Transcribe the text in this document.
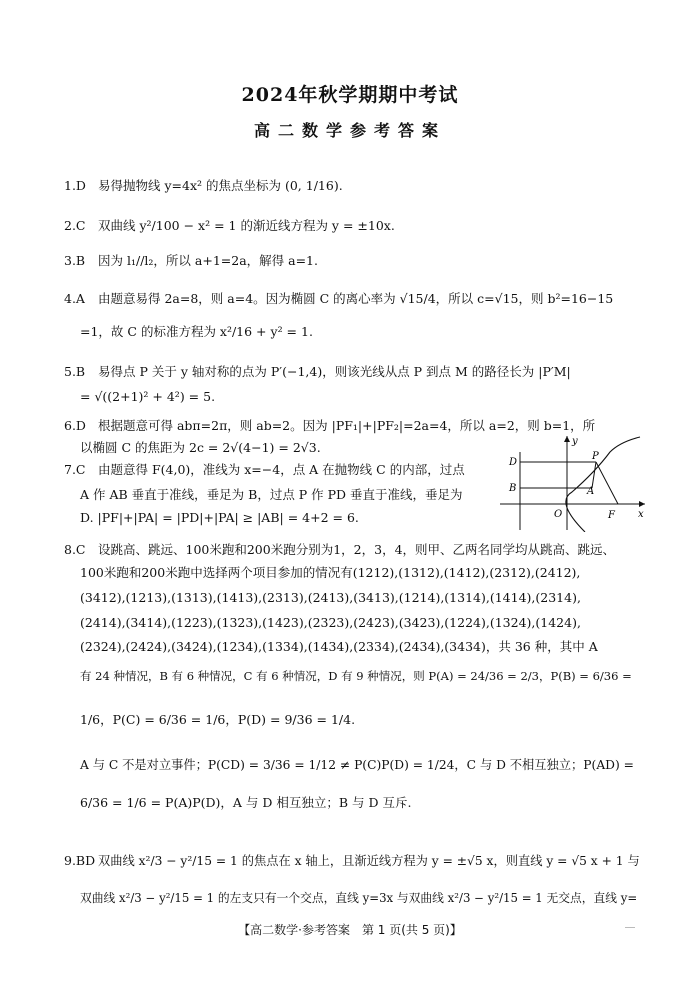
2024年秋学期期中考试
高二数学参考答案
1.D 易得抛物线 y=4x² 的焦点坐标为 (0, 1/16).
2.C 双曲线 y²/100 − x² = 1 的渐近线方程为 y = ±10x.
3.B 因为 l₁//l₂，所以 a+1=2a，解得 a=1.
4.A 由题意易得 2a=8，则 a=4。因为椭圆 C 的离心率为 √15/4，所以 c=√15，则 b²=16−15
=1，故 C 的标准方程为 x²/16 + y² = 1.
5.B 易得点 P 关于 y 轴对称的点为 P′(−1,4)，则该光线从点 P 到点 M 的路径长为 |P′M|
= √((2+1)² + 4²) = 5.
6.D 根据题意可得 abπ=2π，则 ab=2。因为 |PF₁|+|PF₂|=2a=4，所以 a=2，则 b=1，所
以椭圆 C 的焦距为 2c = 2√(4−1) = 2√3.
7.C 由题意得 F(4,0)，准线为 x=−4，点 A 在抛物线 C 的内部，过点
A 作 AB 垂直于准线，垂足为 B，过点 P 作 PD 垂直于准线，垂足为
D. |PF|+|PA| = |PD|+|PA| ≥ |AB| = 4+2 = 6.
8.C 设跳高、跳远、100米跑和200米跑分别为1，2，3，4，则甲、乙两名同学均从跳高、跳远、
100米跑和200米跑中选择两个项目参加的情况有(1212),(1312),(1412),(2312),(2412),
(3412),(1213),(1313),(1413),(2313),(2413),(3413),(1214),(1314),(1414),(2314),
(2414),(3414),(1223),(1323),(1423),(2323),(2423),(3423),(1224),(1324),(1424),
(2324),(2424),(3424),(1234),(1334),(1434),(2334),(2434),(3434)，共 36 种，其中 A
有 24 种情况，B 有 6 种情况，C 有 6 种情况，D 有 9 种情况，则 P(A) = 24/36 = 2/3，P(B) = 6/36 =
1/6，P(C) = 6/36 = 1/6，P(D) = 9/36 = 1/4.
A 与 C 不是对立事件；P(CD) = 3/36 = 1/12 ≠ P(C)P(D) = 1/24，C 与 D 不相互独立；P(AD) =
6/36 = 1/6 = P(A)P(D)，A 与 D 相互独立；B 与 D 互斥.
9.BD 双曲线 x²/3 − y²/15 = 1 的焦点在 x 轴上，且渐近线方程为 y = ±√5 x，则直线 y = √5 x + 1 与
双曲线 x²/3 − y²/15 = 1 的左支只有一个交点，直线 y=3x 与双曲线 x²/3 − y²/15 = 1 无交点，直线 y=
y
P
D
B	A
O	F x
【高二数学·参考答案　第 1 页(共 5 页)】
